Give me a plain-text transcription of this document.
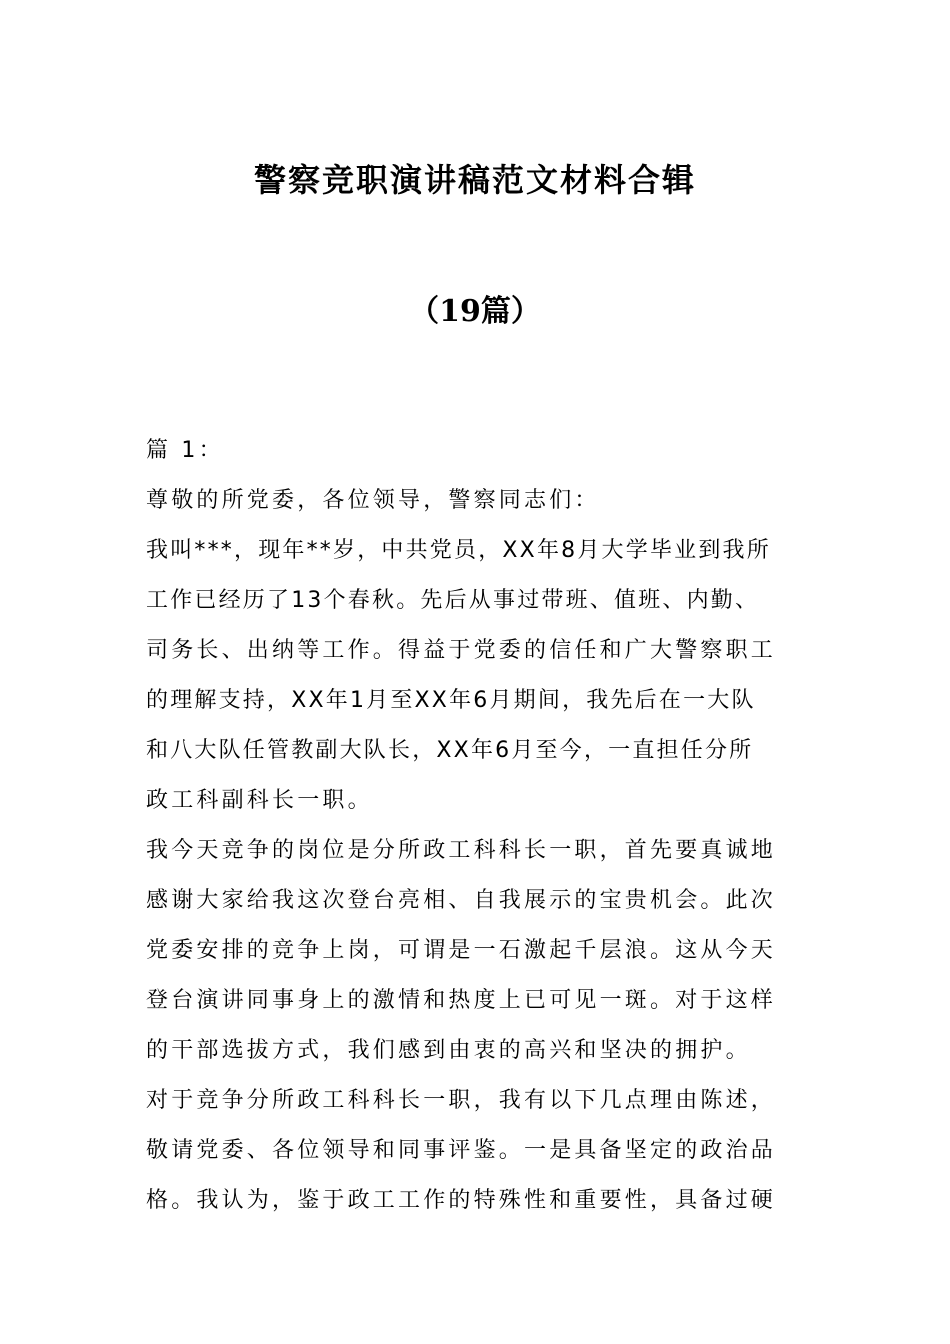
警察竞职演讲稿范文材料合辑
（19篇）
篇 1：
尊敬的所党委，各位领导，警察同志们：
我叫***，现年**岁，中共党员，XX年8月大学毕业到我所
工作已经历了13个春秋。先后从事过带班、值班、内勤、
司务长、出纳等工作。得益于党委的信任和广大警察职工
的理解支持，XX年1月至XX年6月期间，我先后在一大队
和八大队任管教副大队长，XX年6月至今，一直担任分所
政工科副科长一职。
我今天竞争的岗位是分所政工科科长一职，首先要真诚地
感谢大家给我这次登台亮相、自我展示的宝贵机会。此次
党委安排的竞争上岗，可谓是一石激起千层浪。这从今天
登台演讲同事身上的激情和热度上已可见一斑。对于这样
的干部选拔方式，我们感到由衷的高兴和坚决的拥护。
对于竞争分所政工科科长一职，我有以下几点理由陈述，
敬请党委、各位领导和同事评鉴。一是具备坚定的政治品
格。我认为，鉴于政工工作的特殊性和重要性，具备过硬
